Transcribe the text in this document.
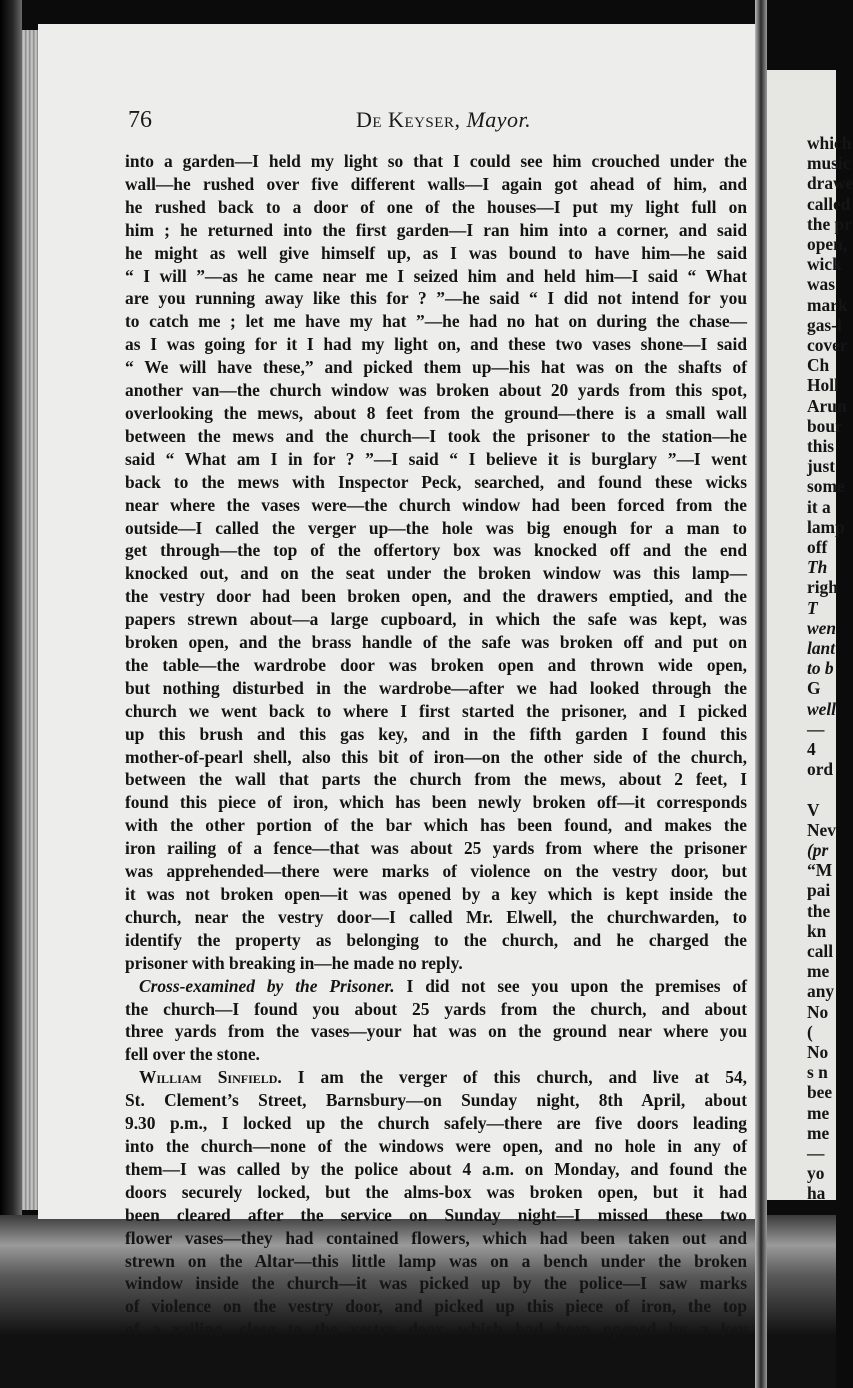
76	De Keyser, Mayor.
into a garden—I held my light so that I could see him crouched under the
wall—he rushed over five different walls—I again got ahead of him, and
he rushed back to a door of one of the houses—I put my light full on
him ; he returned into the first garden—I ran him into a corner, and said
he might as well give himself up, as I was bound to have him—he said
“ I will ”—as he came near me I seized him and held him—I said “ What
are you running away like this for ? ”—he said “ I did not intend for you
to catch me ; let me have my hat ”—he had no hat on during the chase—
as I was going for it I had my light on, and these two vases shone—I said
“ We will have these,” and picked them up—his hat was on the shafts of
another van—the church window was broken about 20 yards from this spot,
overlooking the mews, about 8 feet from the ground—there is a small wall
between the mews and the church—I took the prisoner to the station—he
said “ What am I in for ? ”—I said “ I believe it is burglary ”—I went
back to the mews with Inspector Peck, searched, and found these wicks
near where the vases were—the church window had been forced from the
outside—I called the verger up—the hole was big enough for a man to
get through—the top of the offertory box was knocked off and the end
knocked out, and on the seat under the broken window was this lamp—
the vestry door had been broken open, and the drawers emptied, and the
papers strewn about—a large cupboard, in which the safe was kept, was
broken open, and the brass handle of the safe was broken off and put on
the table—the wardrobe door was broken open and thrown wide open,
but nothing disturbed in the wardrobe—after we had looked through the
church we went back to where I first started the prisoner, and I picked
up this brush and this gas key, and in the fifth garden I found this
mother-of-pearl shell, also this bit of iron—on the other side of the church,
between the wall that parts the church from the mews, about 2 feet, I
found this piece of iron, which has been newly broken off—it corresponds
with the other portion of the bar which has been found, and makes the
iron railing of a fence—that was about 25 yards from where the prisoner
was apprehended—there were marks of violence on the vestry door, but
it was not broken open—it was opened by a key which is kept inside the
church, near the vestry door—I called Mr. Elwell, the churchwarden, to
identify the property as belonging to the church, and he charged the
prisoner with breaking in—he made no reply.
Cross-examined by the Prisoner. I did not see you upon the premises of
the church—I found you about 25 yards from the church, and about
three yards from the vases—your hat was on the ground near where you
fell over the stone.
William Sinfield. I am the verger of this church, and live at 54,
St. Clement’s Street, Barnsbury—on Sunday night, 8th April, about
9.30 p.m., I locked up the church safely—there are five doors leading
into the church—none of the windows were open, and no hole in any of
them—I was called by the police about 4 a.m. on Monday, and found the
doors securely locked, but the alms-box was broken open, but it had
been cleared after the service on Sunday night—I missed these two
flower vases—they had contained flowers, which had been taken out and
strewn on the Altar—this little lamp was on a bench under the broken
window inside the church—it was picked up by the police—I saw marks
of violence on the vestry door, and picked up this piece of iron, the top
of a railing, close to the vestry door, which had been opened by a key
which
music
drawe
called
the pr
open,
wick
was
mark
gas-l
cover
Ch
Holl
Arun
bour
this
just
some
it a
lamp
off
Th
righ
T
wen
lant
to b
G
well
—
4
ord
V
Nev
(pr
“M
pai
the
kn
call
me
any
No
(
No
s n
bee
me
me
—
yo
ha
